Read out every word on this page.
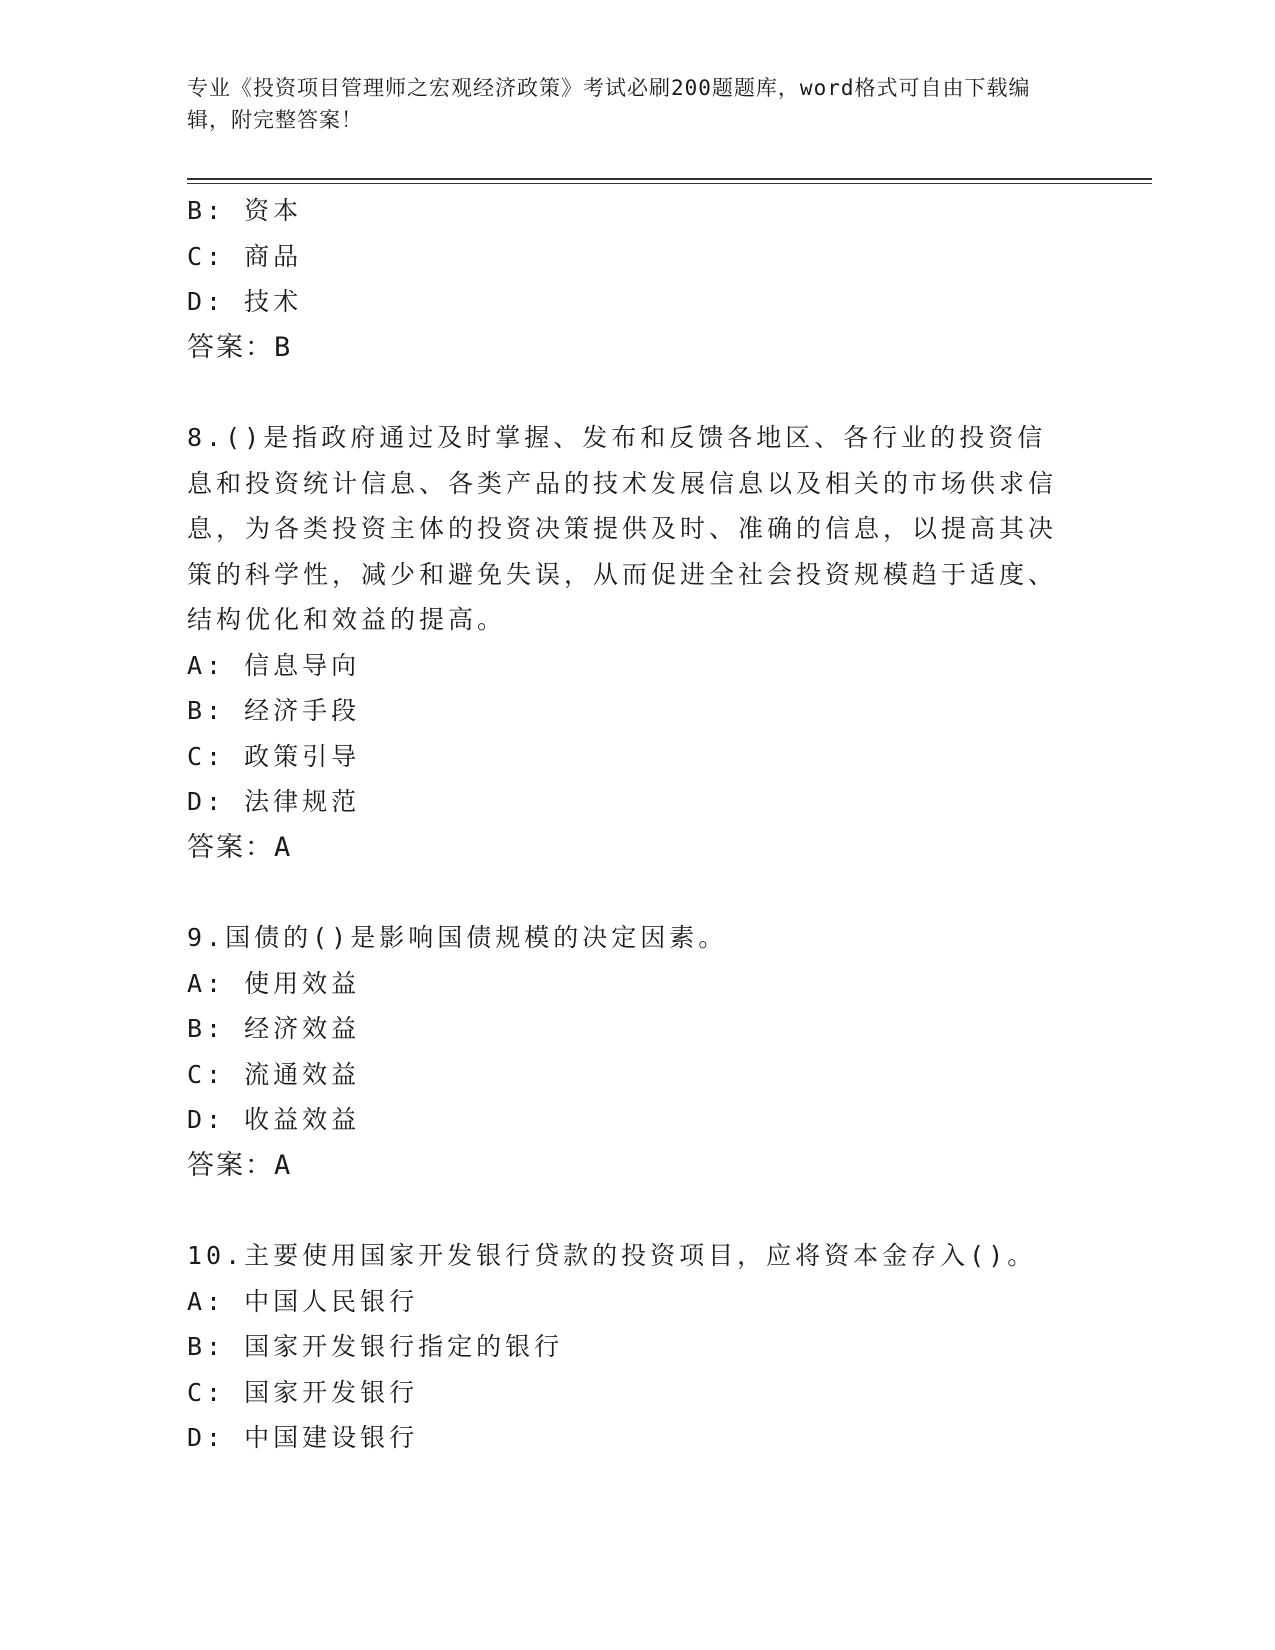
专业《投资项目管理师之宏观经济政策》考试必刷200题题库，word格式可自由下载编辑，附完整答案！
B: 资本
C: 商品
D: 技术
答案：B
8.()是指政府通过及时掌握、发布和反馈各地区、各行业的投资信息和投资统计信息、各类产品的技术发展信息以及相关的市场供求信息，为各类投资主体的投资决策提供及时、准确的信息，以提高其决策的科学性，减少和避免失误，从而促进全社会投资规模趋于适度、结构优化和效益的提高。
A: 信息导向
B: 经济手段
C: 政策引导
D: 法律规范
答案：A
9.国债的()是影响国债规模的决定因素。
A: 使用效益
B: 经济效益
C: 流通效益
D: 收益效益
答案：A
10.主要使用国家开发银行贷款的投资项目，应将资本金存入()。
A: 中国人民银行
B: 国家开发银行指定的银行
C: 国家开发银行
D: 中国建设银行
